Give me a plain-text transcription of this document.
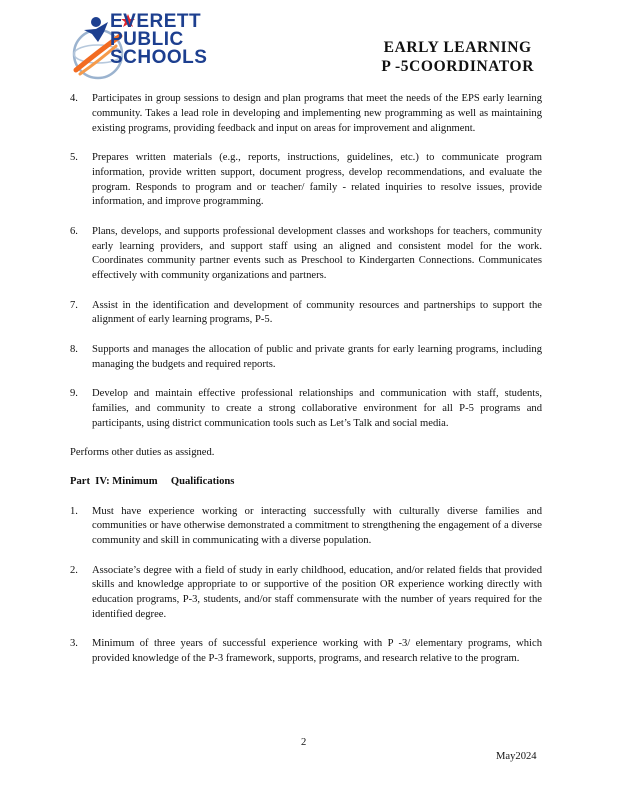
EVERETT
PUBLIC
SCHOOLS	EARLY LEARNING
P -5COORDINATOR
4. Participates in group sessions to design and plan programs that meet the needs of the EPS early learning community. Takes a lead role in developing and implementing new programming as well as maintaining existing programs, providing feedback and input on areas for improvement and alignment.
5. Prepares written materials (e.g., reports, instructions, guidelines, etc.) to communicate program information, provide written support, document progress, develop recommendations, and evaluate the program. Responds to program and or teacher/ family - related inquiries to resolve issues, provide information, and improve programming.
6. Plans, develops, and supports professional development classes and workshops for teachers, community early learning providers, and support staff using an aligned and consistent model for the work. Coordinates community partner events such as Preschool to Kindergarten Connections. Communicates effectively with community organizations and partners.
7. Assist in the identification and development of community resources and partnerships to support the alignment of early learning programs, P-5.
8. Supports and manages the allocation of public and private grants for early learning programs, including managing the budgets and required reports.
9. Develop and maintain effective professional relationships and communication with staff, students, families, and community to create a strong collaborative environment for all P-5 programs and participants, using district communication tools such as Let’s Talk and social media.

Performs other duties as assigned.

Part  IV: Minimum     Qualifications

1. Must have experience working or interacting successfully with culturally diverse families and communities or have otherwise demonstrated a commitment to strengthening the engagement of a diverse community and skill in communicating with a diverse population.
2. Associate’s degree with a field of study in early childhood, education, and/or related fields that provided skills and knowledge appropriate to or supportive of the position OR experience working directly with education programs, P-3, students, and/or staff commensurate with the number of years required for the identified degree.
3. Minimum of three years of successful experience working with P -3/ elementary programs, which provided knowledge of the P-3 framework, supports, programs, and research relative to the program.
2
May2024
